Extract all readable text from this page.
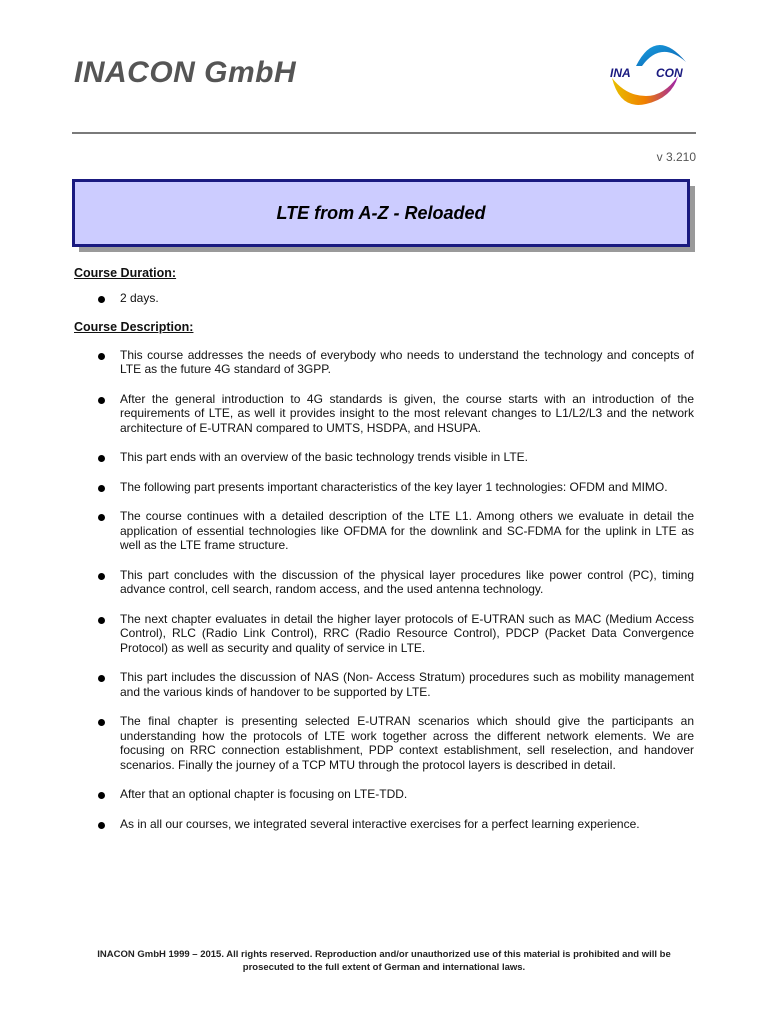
INACON GmbH	INA CON
v 3.210
LTE from A-Z - Reloaded

Course Duration:

2 days.

Course Description:

This course addresses the needs of everybody who needs to understand the technology and concepts of LTE as the future 4G standard of 3GPP.
After the general introduction to 4G standards is given, the course starts with an introduction of the requirements of LTE, as well it provides insight to the most relevant changes to L1/L2/L3 and the network architecture of E-UTRAN compared to UMTS, HSDPA, and HSUPA.
This part ends with an overview of the basic technology trends visible in LTE.
The following part presents important characteristics of the key layer 1 technologies: OFDM and MIMO.
The course continues with a detailed description of the LTE L1. Among others we evaluate in detail the application of essential technologies like OFDMA for the downlink and SC-FDMA for the uplink in LTE as well as the LTE frame structure.
This part concludes with the discussion of the physical layer procedures like power control (PC), timing advance control, cell search, random access, and the used antenna technology.
The next chapter evaluates in detail the higher layer protocols of E-UTRAN such as MAC (Medium Access Control), RLC (Radio Link Control), RRC (Radio Resource Control), PDCP (Packet Data Convergence Protocol) as well as security and quality of service in LTE.
This part includes the discussion of NAS (Non- Access Stratum) procedures such as mobility management and the various kinds of handover to be supported by LTE.
The final chapter is presenting selected E-UTRAN scenarios which should give the participants an understanding how the protocols of LTE work together across the different network elements. We are focusing on RRC connection establishment, PDP context establishment, sell reselection, and handover scenarios. Finally the journey of a TCP MTU through the protocol layers is described in detail.
After that an optional chapter is focusing on LTE-TDD.
As in all our courses, we integrated several interactive exercises for a perfect learning experience.
INACON GmbH 1999 – 2015. All rights reserved. Reproduction and/or unauthorized use of this material is prohibited and will be
prosecuted to the full extent of German and international laws.
